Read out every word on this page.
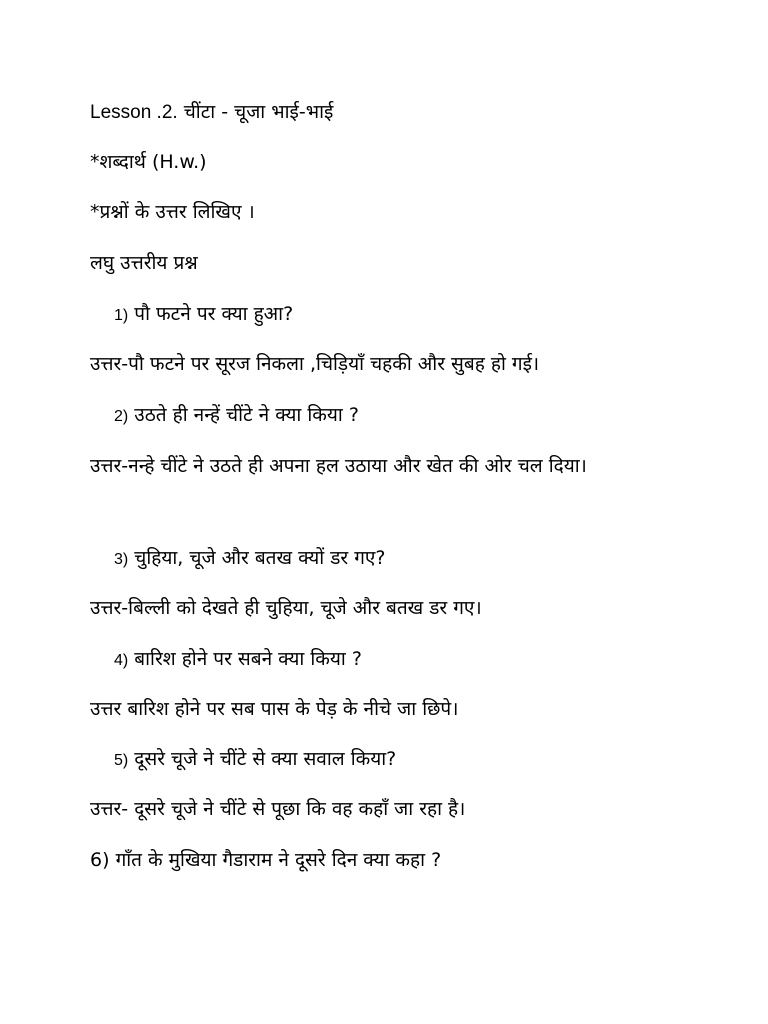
Lesson .2. चींटा - चूजा भाई-भाई
*शब्दार्थ (H.w.)
*प्रश्नों के उत्तर लिखिए ।
लघु उत्तरीय प्रश्न
1) पौ फटने पर क्या हुआ?
उत्तर-पौ फटने पर सूरज निकला ,चिड़ियाँ चहकी और सुबह हो गई।
2) उठते ही नन्हें चींटे ने क्या किया ?
उत्तर-नन्हे चींटे ने उठते ही अपना हल उठाया और खेत की ओर चल दिया।
3) चुहिया, चूजे और बतख क्यों डर गए?
उत्तर-बिल्ली को देखते ही चुहिया, चूजे और बतख डर गए।
4) बारिश होने पर सबने क्या किया ?
उत्तर बारिश होने पर सब पास के पेड़ के नीचे जा छिपे।
5) दूसरे चूजे ने चींटे से क्या सवाल किया?
उत्तर- दूसरे चूजे ने चींटे से पूछा कि वह कहाँ जा रहा है।
6) गाँत के मुखिया गैडाराम ने दूसरे दिन क्या कहा ?
